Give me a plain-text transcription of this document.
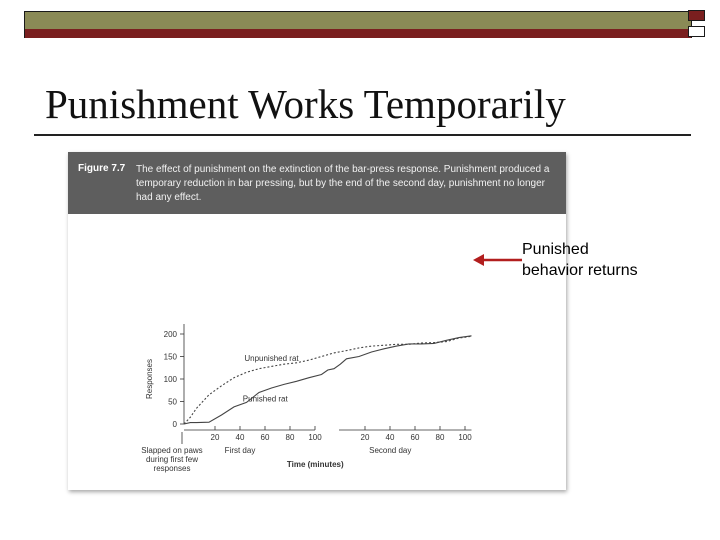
Punishment Works Temporarily
Figure 7.7 The effect of punishment on the extinction of the bar-press response. Punishment produced a temporary reduction in bar pressing, but by the end of the second day, punishment no longer had any effect.
0
50
100
150
200
Responses
20 40 60 80 100	20 40 60 80 100
First day	Second day
Time (minutes)
Slapped on paws
during first few
responses
Unpunished rat
Punished rat
Punished
behavior returns
